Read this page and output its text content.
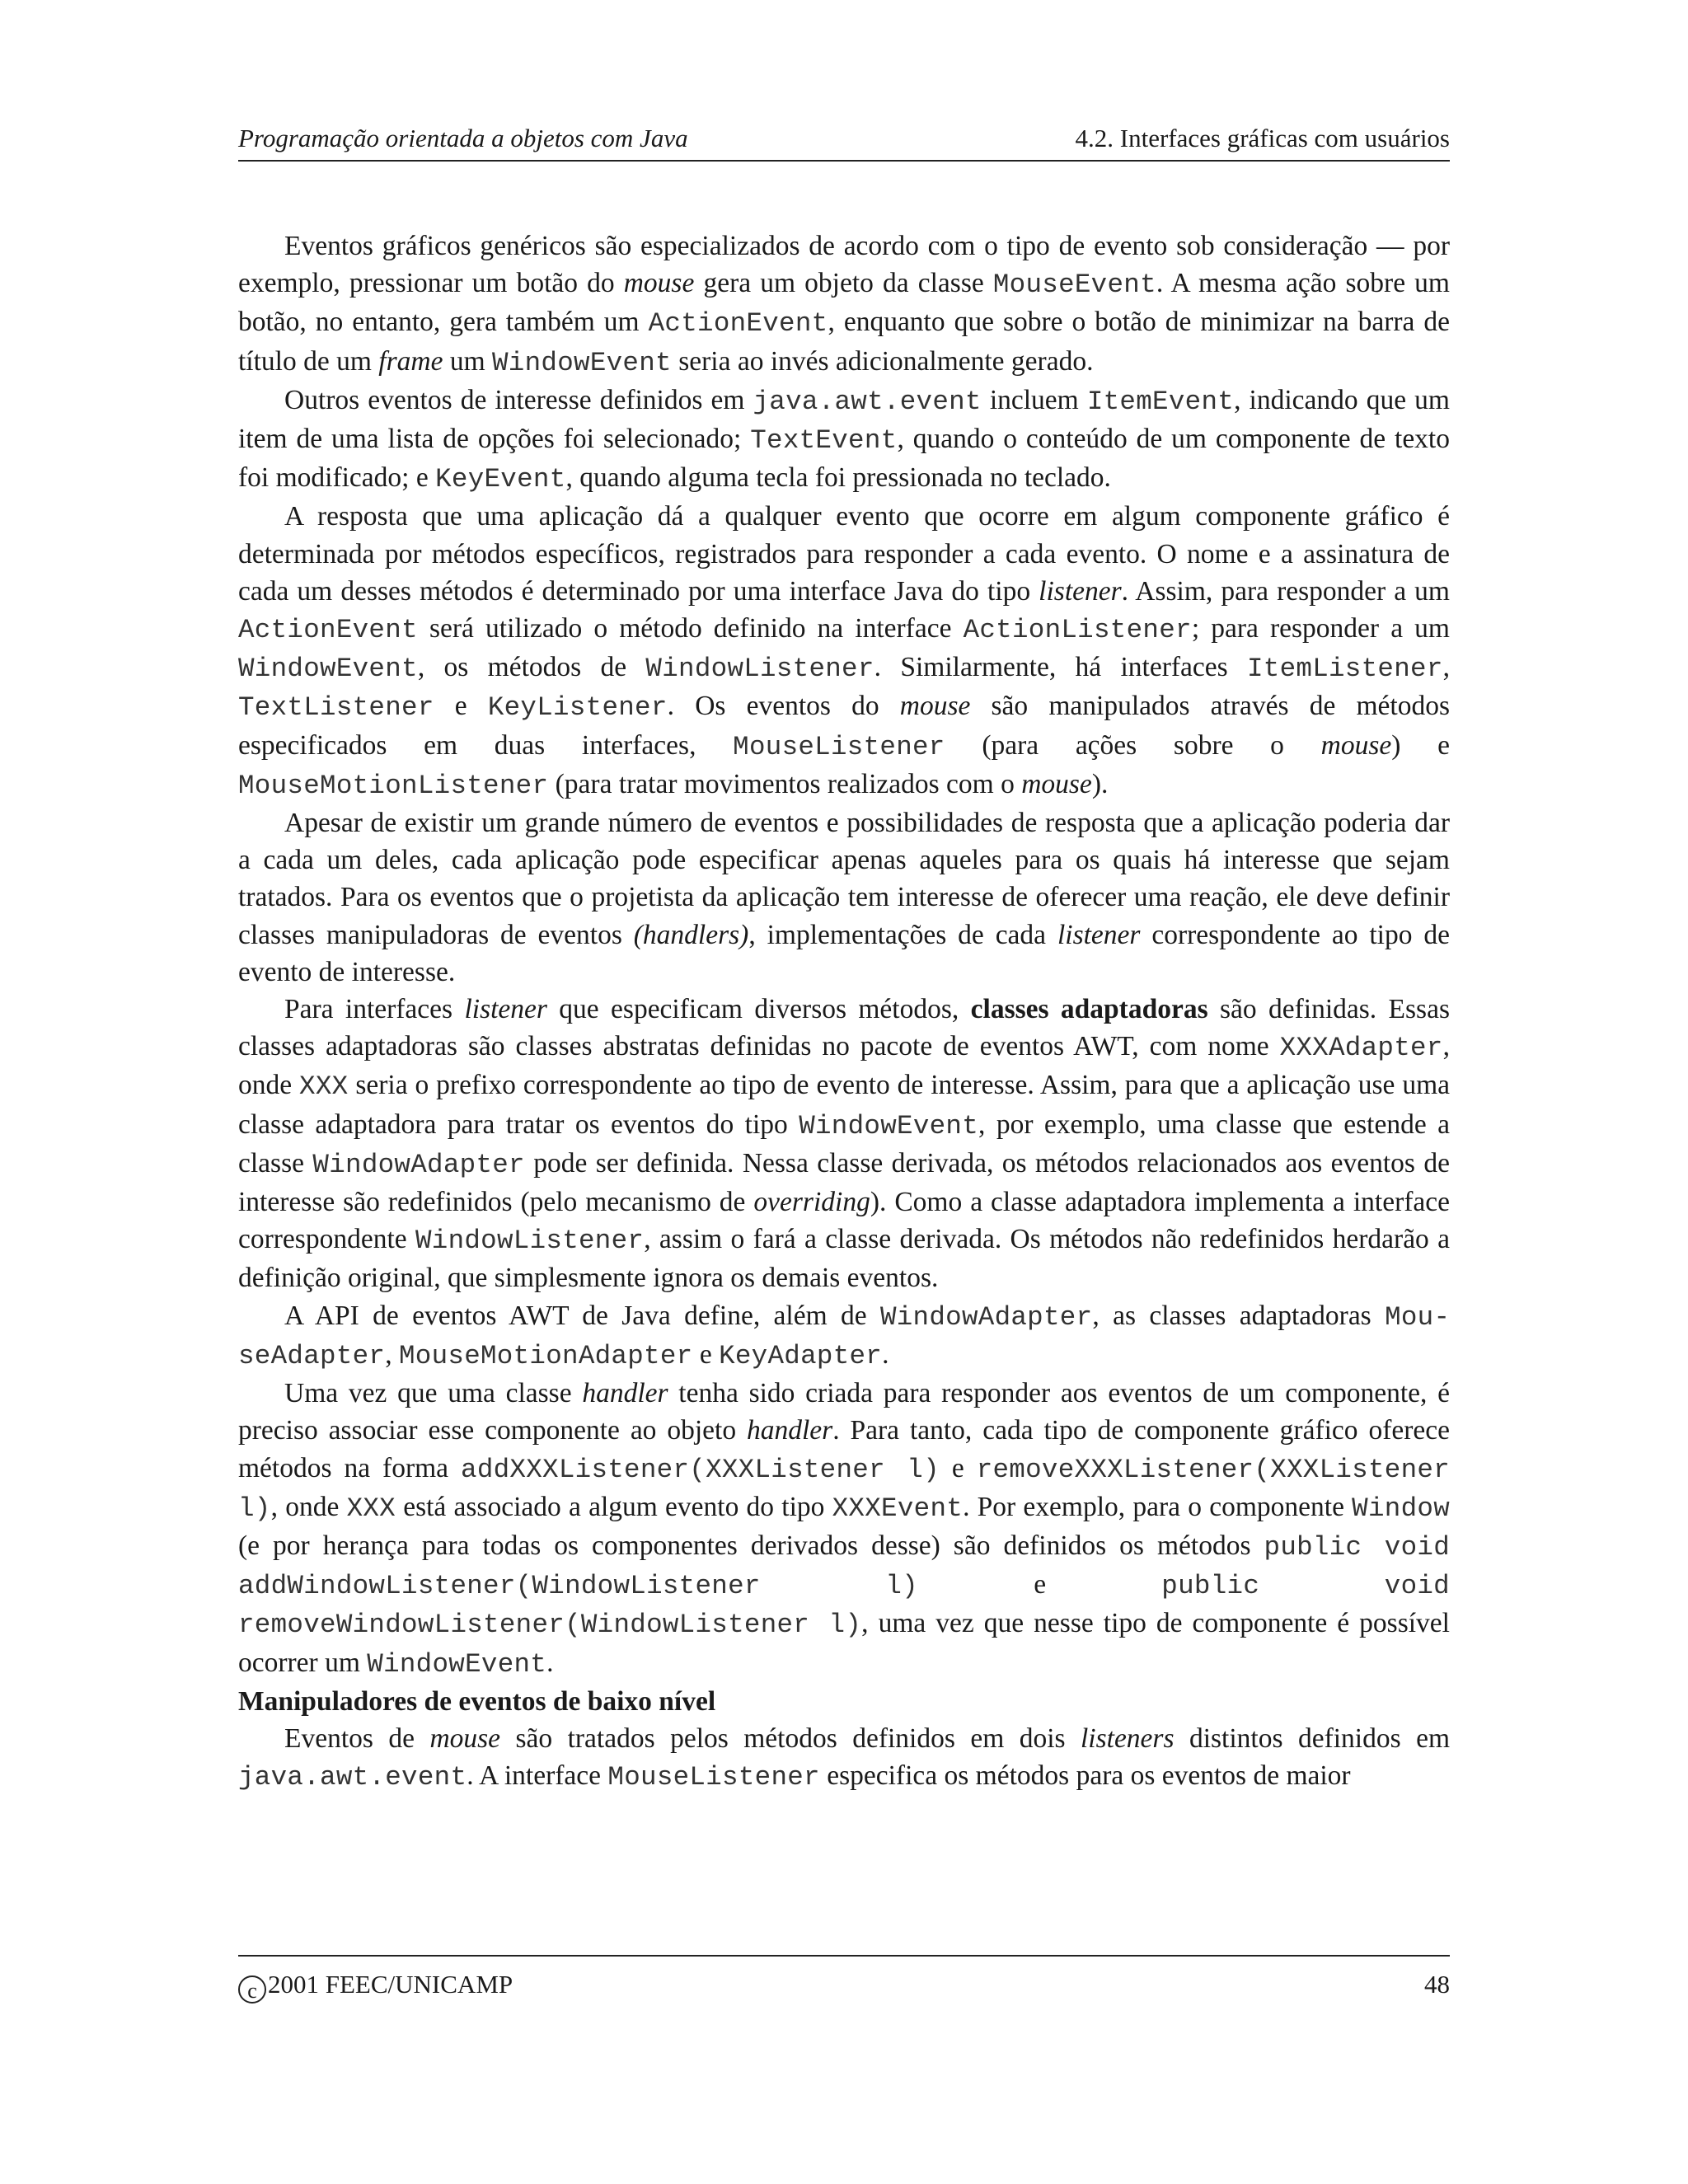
Programação orientada a objetos com Java	4.2. Interfaces gráficas com usuários

Eventos gráficos genéricos são especializados de acordo com o tipo de evento sob consideração — por exemplo, pressionar um botão do mouse gera um objeto da classe MouseEvent. A mesma ação sobre um botão, no entanto, gera também um ActionEvent, enquanto que sobre o botão de minimizar na barra de título de um frame um WindowEvent seria ao invés adicionalmente gerado.

Outros eventos de interesse definidos em java.awt.event incluem ItemEvent, indicando que um item de uma lista de opções foi selecionado; TextEvent, quando o conteúdo de um componente de texto foi modificado; e KeyEvent, quando alguma tecla foi pressionada no teclado.

A resposta que uma aplicação dá a qualquer evento que ocorre em algum componente gráfico é determinada por métodos específicos, registrados para responder a cada evento. O nome e a assinatura de cada um desses métodos é determinado por uma interface Java do tipo listener. Assim, para responder a um ActionEvent será utilizado o método definido na interface ActionListener; para responder a um WindowEvent, os métodos de WindowListener. Similarmente, há interfaces ItemListener, TextListener e KeyListener. Os eventos do mouse são manipulados através de métodos especificados em duas interfaces, MouseListener (para ações sobre o mouse) e MouseMotionListener (para tratar movimentos realizados com o mouse).

Apesar de existir um grande número de eventos e possibilidades de resposta que a aplicação poderia dar a cada um deles, cada aplicação pode especificar apenas aqueles para os quais há interesse que sejam tratados. Para os eventos que o projetista da aplicação tem interesse de oferecer uma reação, ele deve definir classes manipuladoras de eventos (handlers), implementações de cada listener correspondente ao tipo de evento de interesse.

Para interfaces listener que especificam diversos métodos, classes adaptadoras são definidas. Essas classes adaptadoras são classes abstratas definidas no pacote de eventos AWT, com nome XXXAdapter, onde XXX seria o prefixo correspondente ao tipo de evento de interesse. Assim, para que a aplicação use uma classe adaptadora para tratar os eventos do tipo WindowEvent, por exemplo, uma classe que estende a classe WindowAdapter pode ser definida. Nessa classe derivada, os métodos relacionados aos eventos de interesse são redefinidos (pelo mecanismo de overriding). Como a classe adaptadora implementa a interface correspondente WindowListener, assim o fará a classe derivada. Os métodos não redefinidos herdarão a definição original, que simplesmente ignora os demais eventos.

A API de eventos AWT de Java define, além de WindowAdapter, as classes adaptadoras MouseAdapter, MouseMotionAdapter e KeyAdapter.

Uma vez que uma classe handler tenha sido criada para responder aos eventos de um componente, é preciso associar esse componente ao objeto handler. Para tanto, cada tipo de componente gráfico oferece métodos na forma addXXXListener(XXXListener l) e removeXXXListener(XXXListener l), onde XXX está associado a algum evento do tipo XXXEvent. Por exemplo, para o componente Window (e por herança para todas os componentes derivados desse) são definidos os métodos public void addWindowListener(WindowListener l) e public void removeWindowListener(WindowListener l), uma vez que nesse tipo de componente é possível ocorrer um WindowEvent.

Manipuladores de eventos de baixo nível

Eventos de mouse são tratados pelos métodos definidos em dois listeners distintos definidos em java.awt.event. A interface MouseListener especifica os métodos para os eventos de maior

c 2001 FEEC/UNICAMP	48
